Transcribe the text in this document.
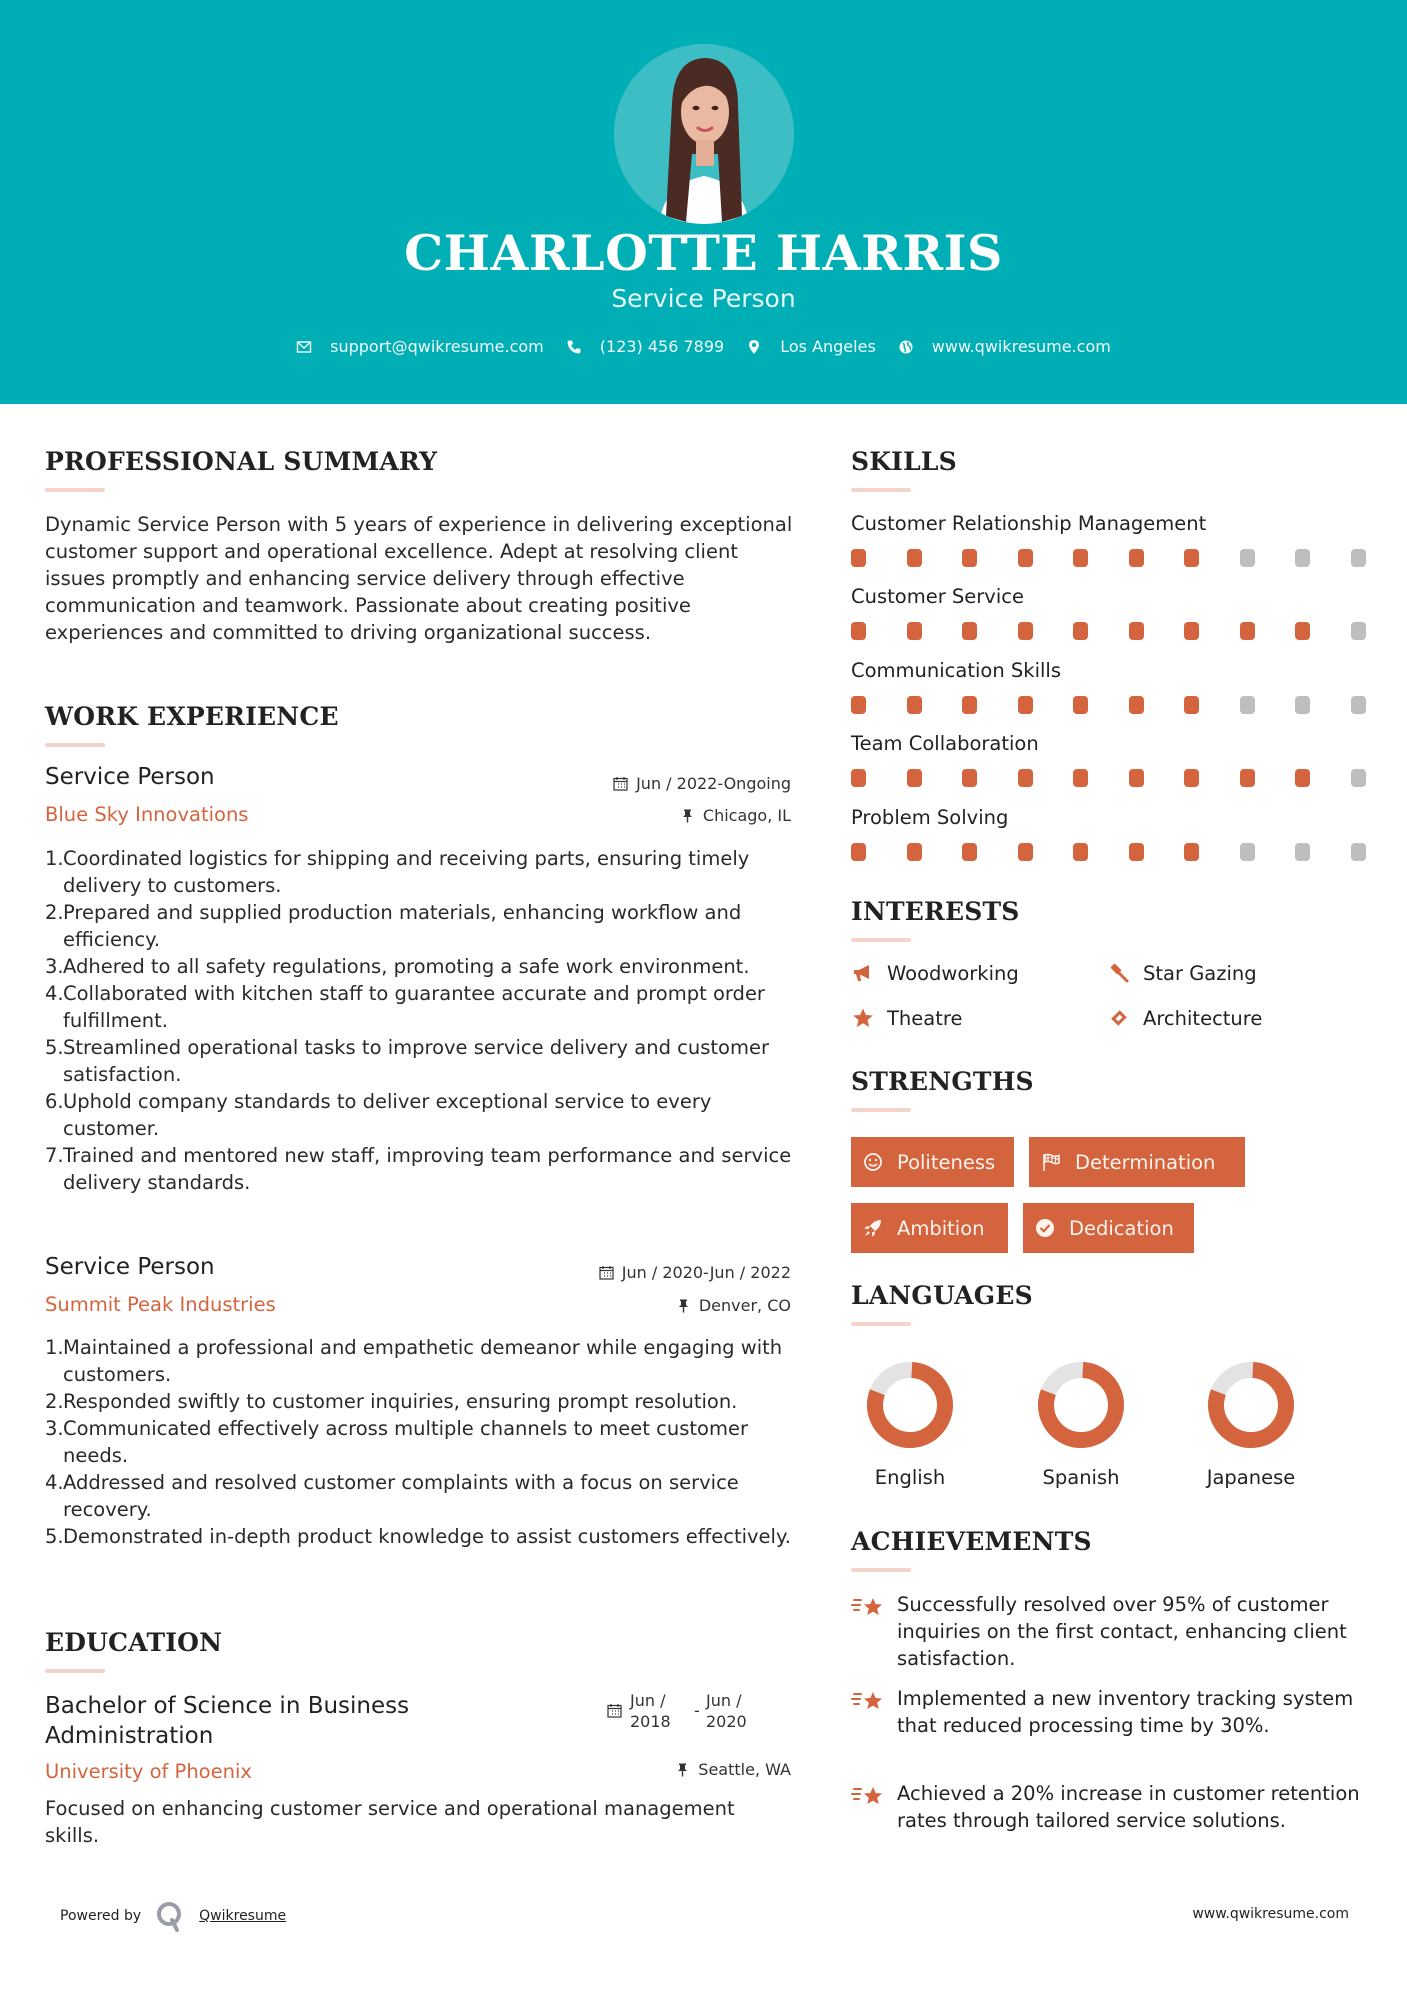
CHARLOTTE HARRIS
Service Person
support@qwikresume.com	(123) 456 7899	Los Angeles	www.qwikresume.com
PROFESSIONAL SUMMARY
Dynamic Service Person with 5 years of experience in delivering exceptional customer support and operational excellence. Adept at resolving client issues promptly and enhancing service delivery through effective communication and teamwork. Passionate about creating positive experiences and committed to driving organizational success.
WORK EXPERIENCE
Service Person	Jun / 2022-Ongoing
Blue Sky Innovations	Chicago, IL
1. Coordinated logistics for shipping and receiving parts, ensuring timely delivery to customers.
2. Prepared and supplied production materials, enhancing workflow and efficiency.
3. Adhered to all safety regulations, promoting a safe work environment.
4. Collaborated with kitchen staff to guarantee accurate and prompt order fulfillment.
5. Streamlined operational tasks to improve service delivery and customer satisfaction.
6. Uphold company standards to deliver exceptional service to every customer.
7. Trained and mentored new staff, improving team performance and service delivery standards.
Service Person	Jun / 2020-Jun / 2022
Summit Peak Industries	Denver, CO
1. Maintained a professional and empathetic demeanor while engaging with customers.
2. Responded swiftly to customer inquiries, ensuring prompt resolution.
3. Communicated effectively across multiple channels to meet customer needs.
4. Addressed and resolved customer complaints with a focus on service recovery.
5. Demonstrated in-depth product knowledge to assist customers effectively.
EDUCATION
Bachelor of Science in Business Administration
Jun /
2018
-
Jun /
2020
University of Phoenix	Seattle, WA
Focused on enhancing customer service and operational management skills.
SKILLS
Customer Relationship Management
Customer Service
Communication Skills
Team Collaboration
Problem Solving
INTERESTS
Woodworking	Star Gazing
Theatre	Architecture
STRENGTHS
Politeness	Determination
Ambition	Dedication
LANGUAGES
English	Spanish	Japanese
ACHIEVEMENTS
Successfully resolved over 95% of customer inquiries on the first contact, enhancing client satisfaction.
Implemented a new inventory tracking system that reduced processing time by 30%.
Achieved a 20% increase in customer retention rates through tailored service solutions.
Powered by	Qwikresume	www.qwikresume.com
